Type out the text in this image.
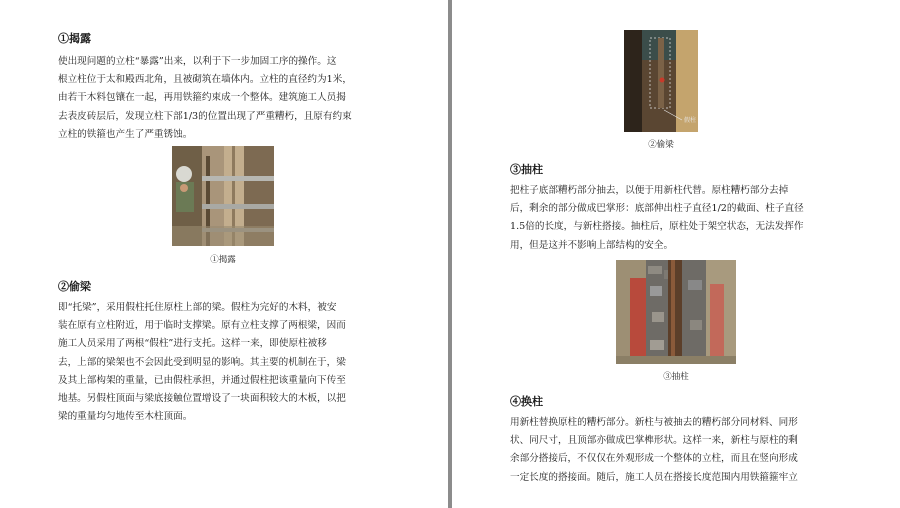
①揭露
使出现问题的立柱“暴露”出来，以利于下一步加固工序的操作。这
根立柱位于太和殿西北角，且被砌筑在墙体内。立柱的直径约为1米，
由若干木料包镶在一起，再用铁箍约束成一个整体。建筑施工人员揭
去表皮砖层后，发现立柱下部1/3的位置出现了严重糟朽，且原有约束
立柱的铁箍也产生了严重锈蚀。
①揭露
②偷梁
即“托梁”，采用假柱托住原柱上部的梁。假柱为完好的木料，被安
装在原有立柱附近，用于临时支撑梁。原有立柱支撑了两根梁，因而
施工人员采用了两根“假柱”进行支托。这样一来，即使原柱被移
去，上部的梁架也不会因此受到明显的影响。其主要的机制在于，梁
及其上部构架的重量，已由假柱承担，并通过假柱把该重量向下传至
地基。另假柱顶面与梁底接触位置增设了一块面积较大的木板，以把
梁的重量均匀地传至木柱顶面。
假柱
②偷梁
③抽柱
把柱子底部糟朽部分抽去，以便于用新柱代替。原柱糟朽部分去掉
后，剩余的部分做成巴掌形：底部伸出柱子直径1/2的截面、柱子直径
1.5倍的长度，与新柱搭接。抽柱后，原柱处于架空状态，无法发挥作
用，但是这并不影响上部结构的安全。
③抽柱
④换柱
用新柱替换原柱的糟朽部分。新柱与被抽去的糟朽部分同材料、同形
状、同尺寸，且顶部亦做成巴掌榫形状。这样一来，新柱与原柱的剩
余部分搭接后，不仅仅在外观形成一个整体的立柱，而且在竖向形成
一定长度的搭接面。随后，施工人员在搭接长度范围内用铁箍箍牢立
